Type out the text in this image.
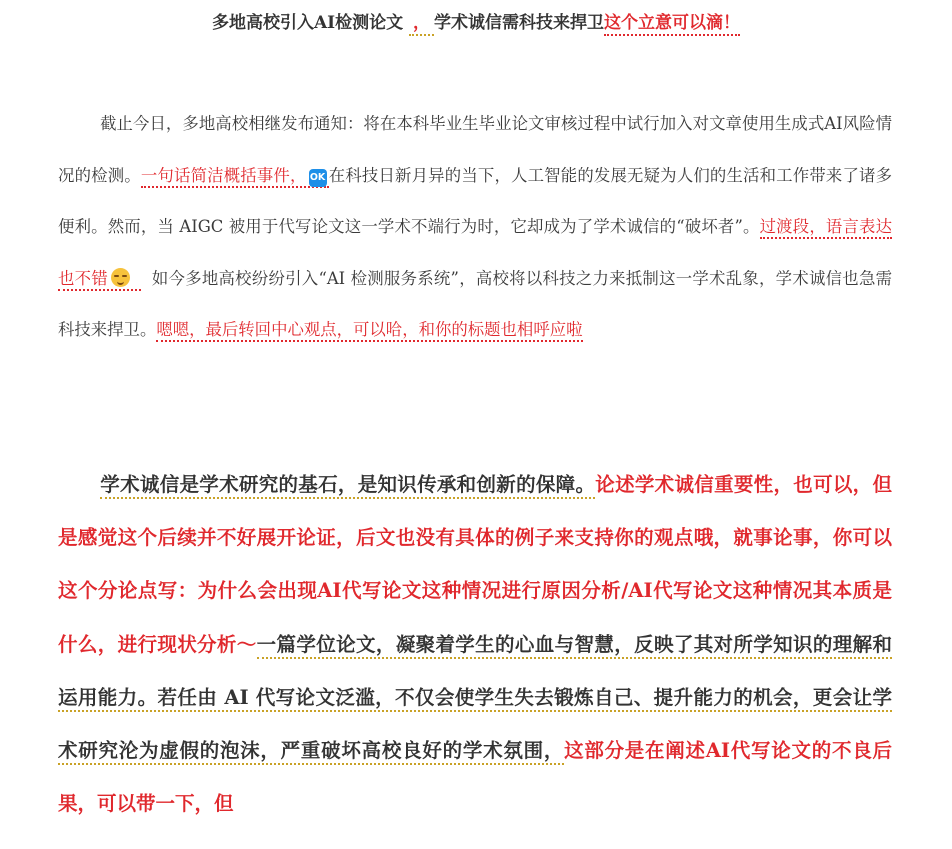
多地高校引入AI检测论文 ， 学术诚信需科技来捍卫这个立意可以滴！

截止今日，多地高校相继发布通知：将在本科毕业生毕业论文审核过程中试行加入对文章使用生成式AI风险情况的检测。一句话简洁概括事件， OK 在科技日新月异的当下，人工智能的发展无疑为人们的生活和工作带来了诸多便利。然而，当 AIGC 被用于代写论文这一学术不端行为时，它却成为了学术诚信的“破坏者”。过渡段，语言表达也不错	如今多地高校纷纷引入“AI 检测服务系统”，高校将以科技之力来抵制这一学术乱象，学术诚信也急需科技来捍卫。嗯嗯，最后转回中心观点，可以哈，和你的标题也相呼应啦

学术诚信是学术研究的基石，是知识传承和创新的保障。论述学术诚信重要性，也可以，但是感觉这个后续并不好展开论证，后文也没有具体的例子来支持你的观点哦，就事论事，你可以这个分论点写：为什么会出现AI代写论文这种情况进行原因分析/AI代写论文这种情况其本质是什么，进行现状分析～一篇学位论文，凝聚着学生的心血与智慧，反映了其对所学知识的理解和运用能力。若任由 AI 代写论文泛滥，不仅会使学生失去锻炼自己、提升能力的机会，更会让学术研究沦为虚假的泡沫，严重破坏高校良好的学术氛围，这部分是在阐述AI代写论文的不良后果，可以带一下，但
